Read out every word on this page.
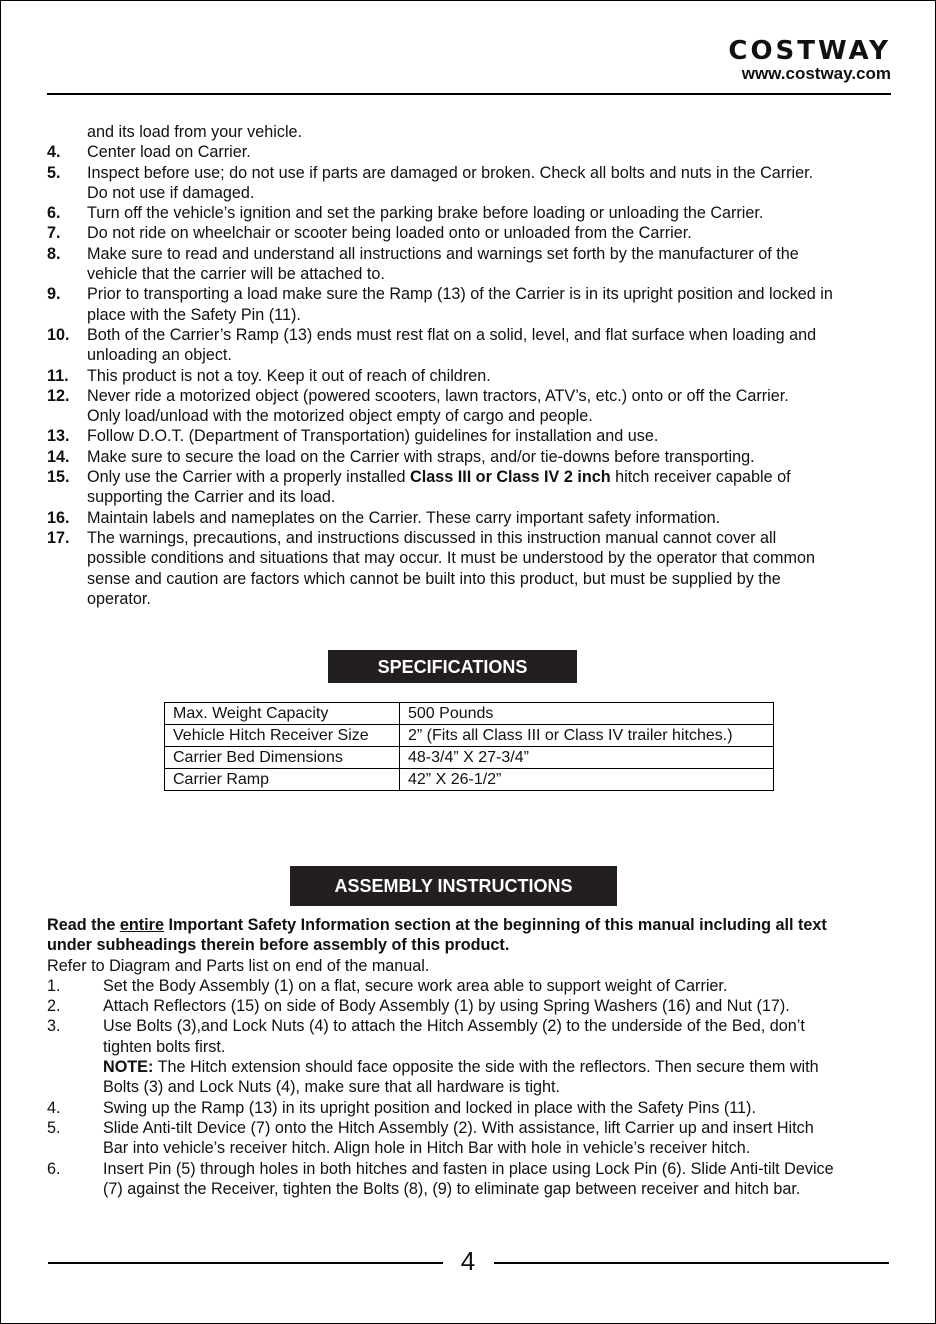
COSTWAY
www.costway.com
and its load from your vehicle.
4.	Center load on Carrier.
5.	Inspect before use; do not use if parts are damaged or broken. Check all bolts and nuts in the Carrier.
Do not use if damaged.
6.	Turn off the vehicle’s ignition and set the parking brake before loading or unloading the Carrier.
7.	Do not ride on wheelchair or scooter being loaded onto or unloaded from the Carrier.
8.	Make sure to read and understand all instructions and warnings set forth by the manufacturer of the
vehicle that the carrier will be attached to.
9.	Prior to transporting a load make sure the Ramp (13) of the Carrier is in its upright position and locked in
place with the Safety Pin (11).
10.	Both of the Carrier’s Ramp (13) ends must rest flat on a solid, level, and flat surface when loading and
unloading an object.
11.	This product is not a toy. Keep it out of reach of children.
12.	Never ride a motorized object (powered scooters, lawn tractors, ATV’s, etc.) onto or off the Carrier.
Only load/unload with the motorized object empty of cargo and people.
13.	Follow D.O.T. (Department of Transportation) guidelines for installation and use.
14.	Make sure to secure the load on the Carrier with straps, and/or tie-downs before transporting.
15.	Only use the Carrier with a properly installed Class III or Class IV 2 inch hitch receiver capable of
supporting the Carrier and its load.
16.	Maintain labels and nameplates on the Carrier. These carry important safety information.
17.	The warnings, precautions, and instructions discussed in this instruction manual cannot cover all
possible conditions and situations that may occur. It must be understood by the operator that common
sense and caution are factors which cannot be built into this product, but must be supplied by the
operator.
SPECIFICATIONS
Max. Weight Capacity	500 Pounds
Vehicle Hitch Receiver Size	2” (Fits all Class III or Class IV trailer hitches.)
Carrier Bed Dimensions	48-3/4” X 27-3/4”
Carrier Ramp	42” X 26-1/2”
ASSEMBLY INSTRUCTIONS
Read the entire Important Safety Information section at the beginning of this manual including all text
under subheadings therein before assembly of this product.
Refer to Diagram and Parts list on end of the manual.
1.	Set the Body Assembly (1) on a flat, secure work area able to support weight of Carrier.
2.	Attach Reflectors (15) on side of Body Assembly (1) by using Spring Washers (16) and Nut (17).
3.	Use Bolts (3),and Lock Nuts (4) to attach the Hitch Assembly (2) to the underside of the Bed, don’t
tighten bolts first.
NOTE: The Hitch extension should face opposite the side with the reflectors. Then secure them with
Bolts (3) and Lock Nuts (4), make sure that all hardware is tight.
4.	Swing up the Ramp (13) in its upright position and locked in place with the Safety Pins (11).
5.	Slide Anti-tilt Device (7) onto the Hitch Assembly (2). With assistance, lift Carrier up and insert Hitch
Bar into vehicle’s receiver hitch. Align hole in Hitch Bar with hole in vehicle’s receiver hitch.
6.	Insert Pin (5) through holes in both hitches and fasten in place using Lock Pin (6). Slide Anti-tilt Device
(7) against the Receiver, tighten the Bolts (8), (9) to eliminate gap between receiver and hitch bar.
4
